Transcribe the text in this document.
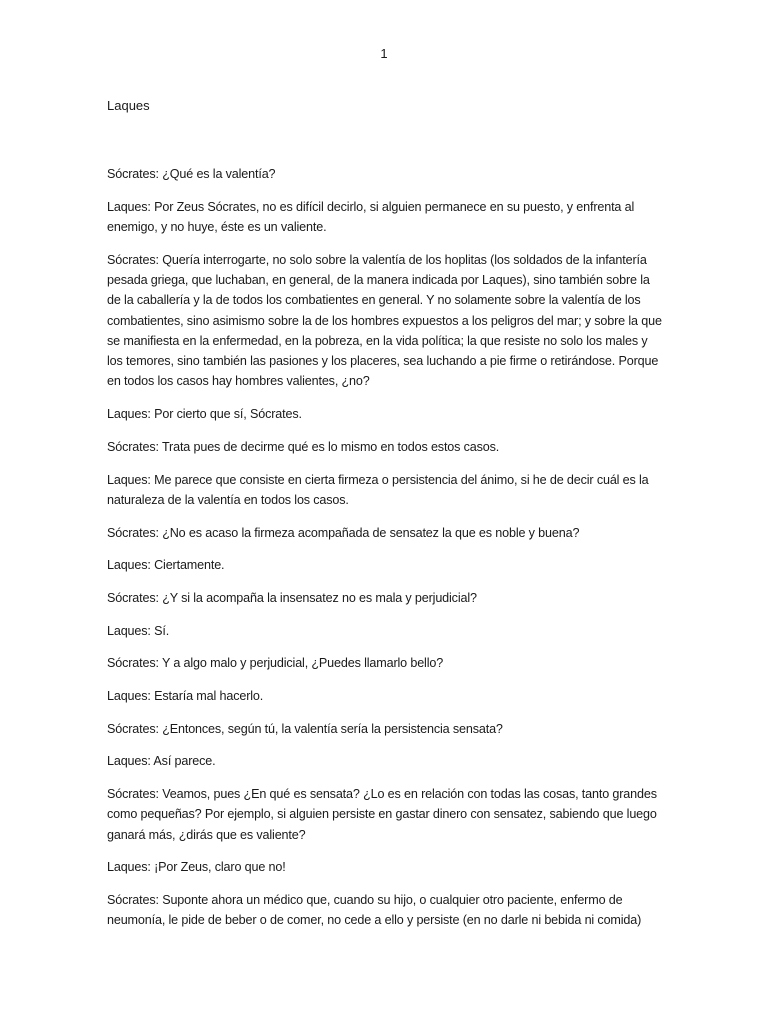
1
Laques

Sócrates: ¿Qué es la valentía?

Laques: Por Zeus Sócrates, no es difícil decirlo, si alguien permanece en su puesto, y enfrenta al enemigo, y no huye, éste es un valiente.

Sócrates: Quería interrogarte, no solo sobre la valentía de los hoplitas (los soldados de la infantería pesada griega, que luchaban, en general, de la manera indicada por Laques), sino también sobre la de la caballería y la de todos los combatientes en general. Y no solamente sobre la valentía de los combatientes, sino asimismo sobre la de los hombres expuestos a los peligros del mar; y sobre la que se manifiesta en la enfermedad, en la pobreza, en la vida política; la que resiste no solo los males y los temores, sino también las pasiones y los placeres, sea luchando a pie firme o retirándose. Porque en todos los casos hay hombres valientes, ¿no?

Laques: Por cierto que sí, Sócrates.

Sócrates: Trata pues de decirme qué es lo mismo en todos estos casos.

Laques: Me parece que consiste en cierta firmeza o persistencia del ánimo, si he de decir cuál es la naturaleza de la valentía en todos los casos.

Sócrates: ¿No es acaso la firmeza acompañada de sensatez la que es noble y buena?

Laques: Ciertamente.

Sócrates: ¿Y si la acompaña la insensatez no es mala y perjudicial?

Laques: Sí.

Sócrates: Y a algo malo y perjudicial, ¿Puedes llamarlo bello?

Laques: Estaría mal hacerlo.

Sócrates: ¿Entonces, según tú, la valentía sería la persistencia sensata?

Laques: Así parece.

Sócrates: Veamos, pues ¿En qué es sensata? ¿Lo es en relación con todas las cosas, tanto grandes como pequeñas? Por ejemplo, si alguien persiste en gastar dinero con sensatez, sabiendo que luego ganará más, ¿dirás que es valiente?

Laques: ¡Por Zeus, claro que no!

Sócrates: Suponte ahora un médico que, cuando su hijo, o cualquier otro paciente, enfermo de neumonía, le pide de beber o de comer, no cede a ello y persiste (en no darle ni bebida ni comida)
